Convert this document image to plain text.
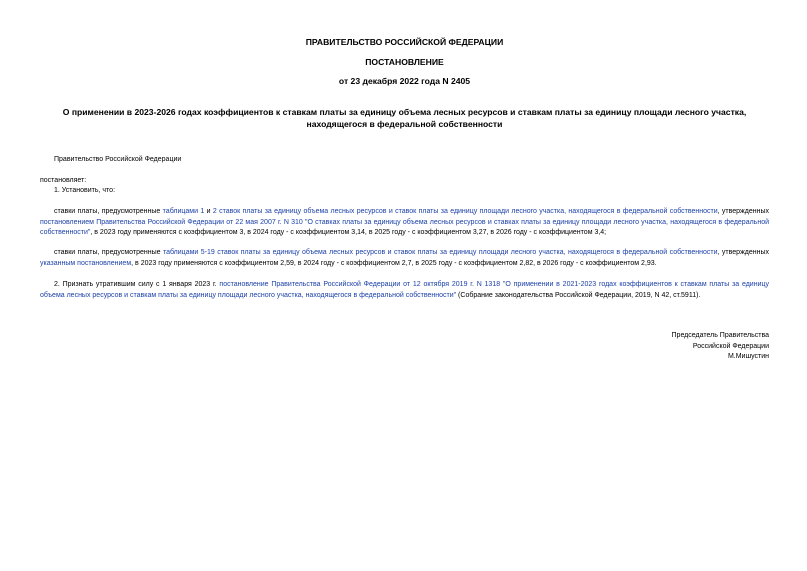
ПРАВИТЕЛЬСТВО РОССИЙСКОЙ ФЕДЕРАЦИИ
ПОСТАНОВЛЕНИЕ
от 23 декабря 2022 года N 2405
О применении в 2023-2026 годах коэффициентов к ставкам платы за единицу объема лесных ресурсов и ставкам платы за единицу площади лесного участка,
находящегося в федеральной собственности
Правительство Российской Федерации
постановляет:
1. Установить, что:
ставки платы, предусмотренные таблицами 1 и 2 ставок платы за единицу объема лесных ресурсов и ставок платы за единицу площади лесного участка, находящегося в федеральной собственности, утвержденных постановлением Правительства Российской Федерации от 22 мая 2007 г. N 310 "О ставках платы за единицу объема лесных ресурсов и ставках платы за единицу площади лесного участка, находящегося в федеральной собственности", в 2023 году применяются с коэффициентом 3, в 2024 году - с коэффициентом 3,14, в 2025 году - с коэффициентом 3,27, в 2026 году - с коэффициентом 3,4;
ставки платы, предусмотренные таблицами 5-19 ставок платы за единицу объема лесных ресурсов и ставок платы за единицу площади лесного участка, находящегося в федеральной собственности, утвержденных указанным постановлением, в 2023 году применяются с коэффициентом 2,59, в 2024 году - с коэффициентом 2,7, в 2025 году - с коэффициентом 2,82, в 2026 году - с коэффициентом 2,93.
2. Признать утратившим силу с 1 января 2023 г. постановление Правительства Российской Федерации от 12 октября 2019 г. N 1318 "О применении в 2021-2023 годах коэффициентов к ставкам платы за единицу объема лесных ресурсов и ставкам платы за единицу площади лесного участка, находящегося в федеральной собственности" (Собрание законодательства Российской Федерации, 2019, N 42, ст.5911).
Председатель Правительства
Российской Федерации
М.Мишустин
